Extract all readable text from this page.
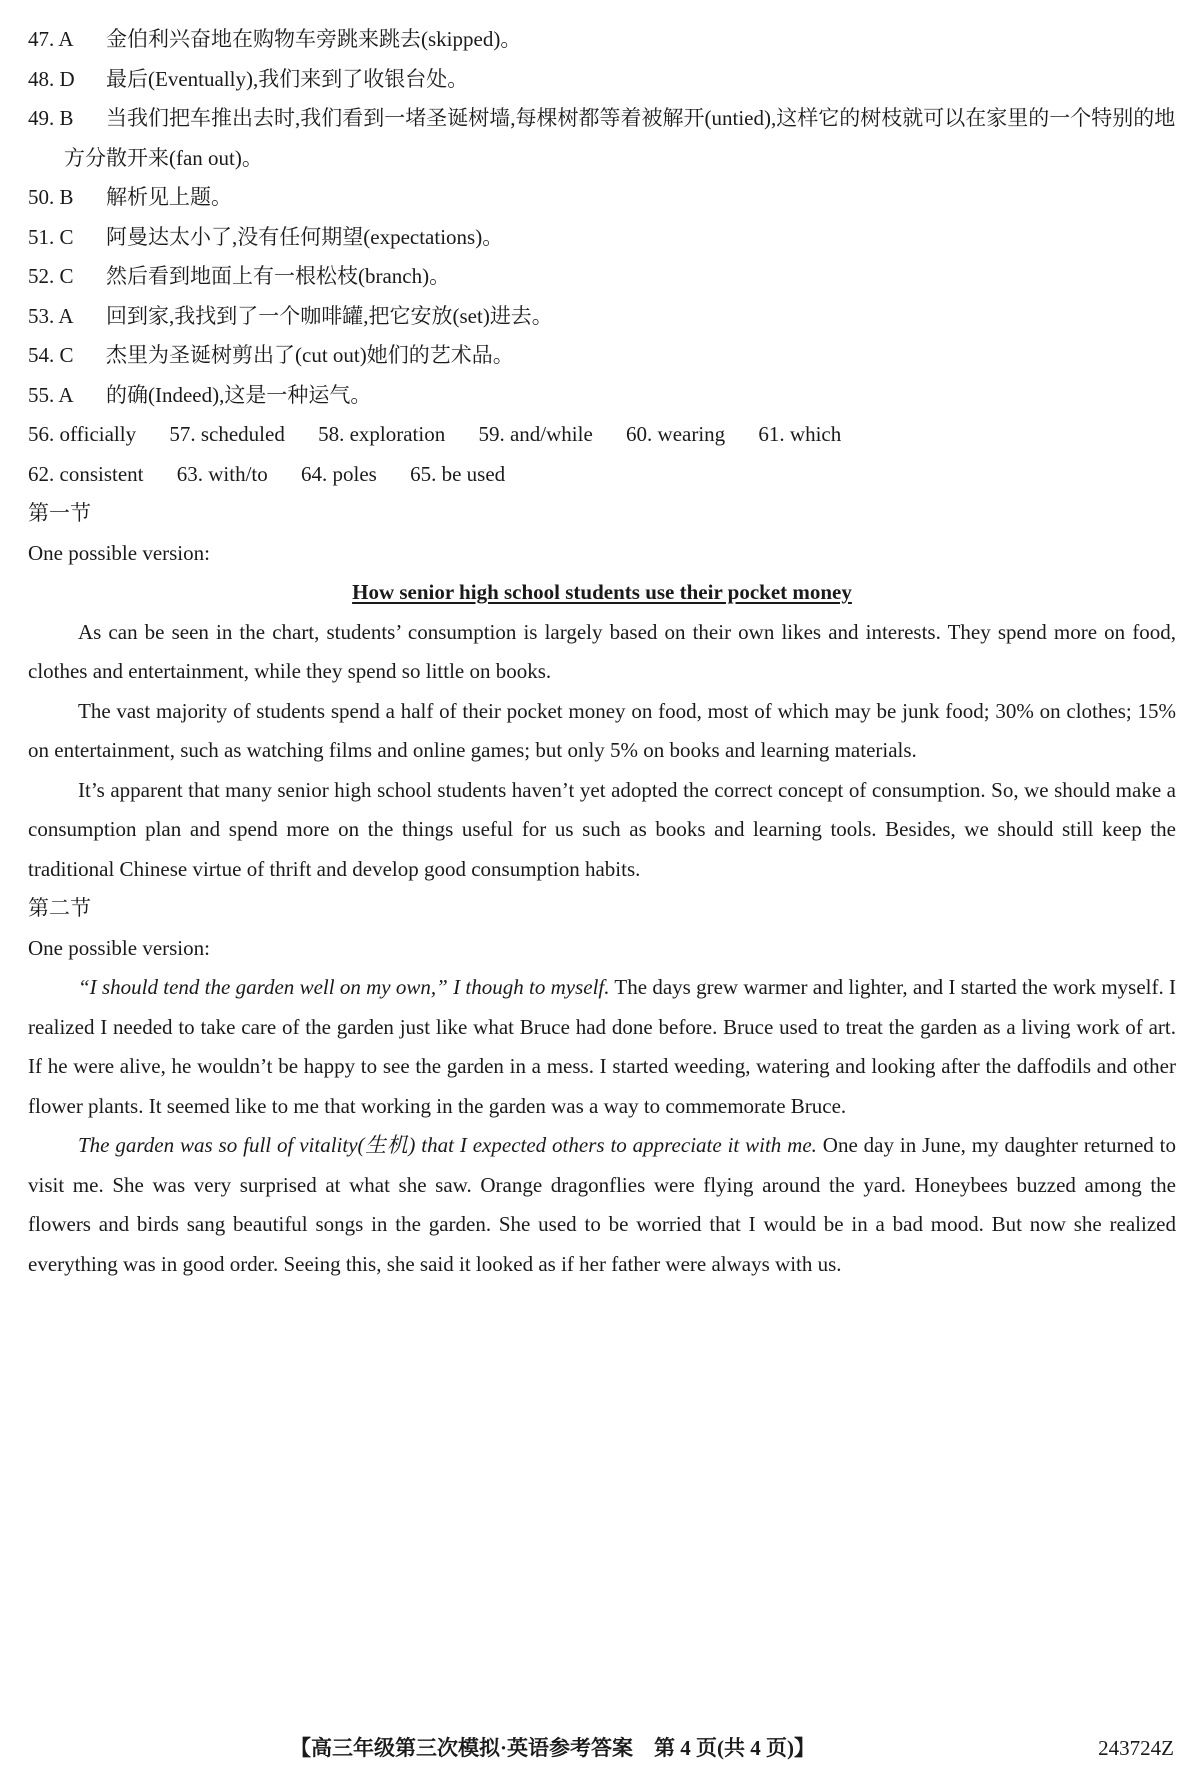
47. A	金伯利兴奋地在购物车旁跳来跳去(skipped)。
48. D	最后(Eventually),我们来到了收银台处。
49. B 当我们把车推出去时,我们看到一堵圣诞树墙,每棵树都等着被解开(untied),这样它的树枝就可以在家里的一个特别的地方分散开来(fan out)。
50. B	解析见上题。
51. C	阿曼达太小了,没有任何期望(expectations)。
52. C	然后看到地面上有一根松枝(branch)。
53. A	回到家,我找到了一个咖啡罐,把它安放(set)进去。
54. C	杰里为圣诞树剪出了(cut out)她们的艺术品。
55. A	的确(Indeed),这是一种运气。
56. officially 57. scheduled 58. exploration 59. and/while 60. wearing 61. which
62. consistent 63. with/to 64. poles 65. be used

第一节

One possible version:

How senior high school students use their pocket money

As can be seen in the chart, students’ consumption is largely based on their own likes and interests. They spend more on food, clothes and entertainment, while they spend so little on books.

The vast majority of students spend a half of their pocket money on food, most of which may be junk food; 30% on clothes; 15% on entertainment, such as watching films and online games; but only 5% on books and learning materials.

It’s apparent that many senior high school students haven’t yet adopted the correct concept of consumption. So, we should make a consumption plan and spend more on the things useful for us such as books and learning tools. Besides, we should still keep the traditional Chinese virtue of thrift and develop good consumption habits.

第二节

One possible version:

“I should tend the garden well on my own,” I though to myself. The days grew warmer and lighter, and I started the work myself. I realized I needed to take care of the garden just like what Bruce had done before. Bruce used to treat the garden as a living work of art. If he were alive, he wouldn’t be happy to see the garden in a mess. I started weeding, watering and looking after the daffodils and other flower plants. It seemed like to me that working in the garden was a way to commemorate Bruce.

The garden was so full of vitality(生机) that I expected others to appreciate it with me. One day in June, my daughter returned to visit me. She was very surprised at what she saw. Orange dragonflies were flying around the yard. Honeybees buzzed among the flowers and birds sang beautiful songs in the garden. She used to be worried that I would be in a bad mood. But now she realized everything was in good order. Seeing this, she said it looked as if her father were always with us.

【高三年级第三次模拟·英语参考答案　第 4 页(共 4 页)】	243724Z
